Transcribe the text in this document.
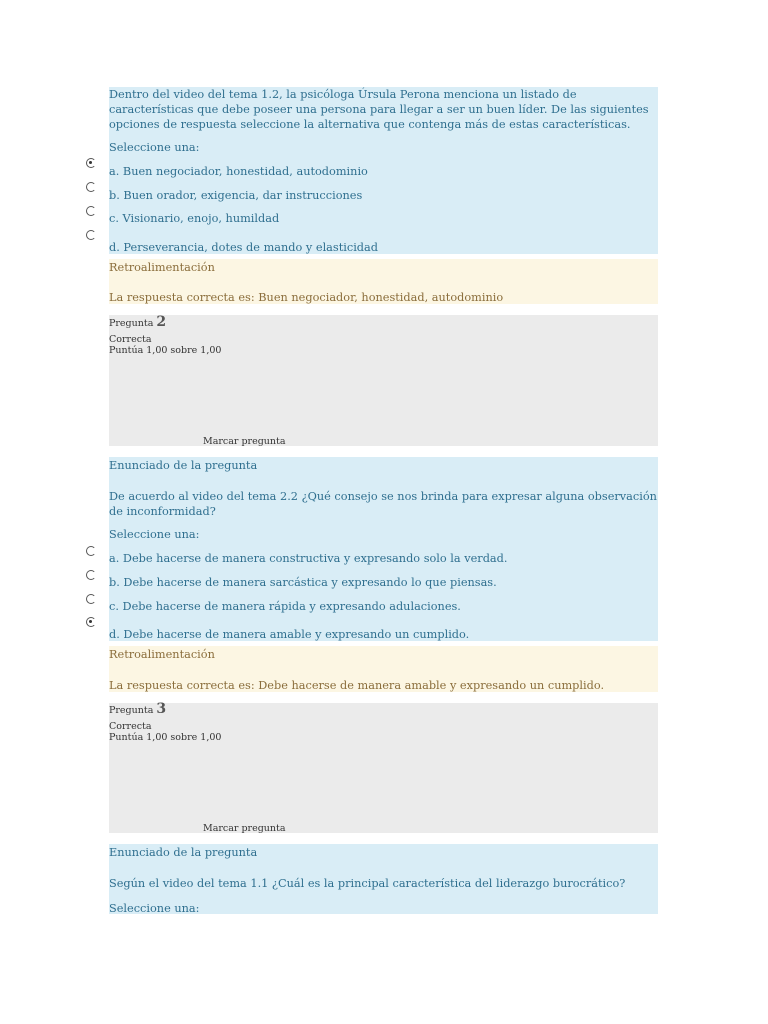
Dentro del video del tema 1.2, la psicóloga Úrsula Perona menciona un listado de características que debe poseer una persona para llegar a ser un buen líder. De las siguientes opciones de respuesta seleccione la alternativa que contenga más de estas características.

Seleccione una:

a. Buen negociador, honestidad, autodominio

b. Buen orador, exigencia, dar instrucciones

c. Visionario, enojo, humildad

d. Perseverancia, dotes de mando y elasticidad

Retroalimentación

La respuesta correcta es: Buen negociador, honestidad, autodominio

Pregunta 2
Correcta
Puntúa 1,00 sobre 1,00
Marcar pregunta

Enunciado de la pregunta

De acuerdo al video del tema 2.2 ¿Qué consejo se nos brinda para expresar alguna observación de inconformidad?

Seleccione una:

a. Debe hacerse de manera constructiva y expresando solo la verdad.

b. Debe hacerse de manera sarcástica y expresando lo que piensas.

c. Debe hacerse de manera rápida y expresando adulaciones.

d. Debe hacerse de manera amable y expresando un cumplido.

Retroalimentación

La respuesta correcta es: Debe hacerse de manera amable y expresando un cumplido.

Pregunta 3
Correcta
Puntúa 1,00 sobre 1,00
Marcar pregunta

Enunciado de la pregunta

Según el video del tema 1.1 ¿Cuál es la principal característica del liderazgo burocrático?

Seleccione una:
